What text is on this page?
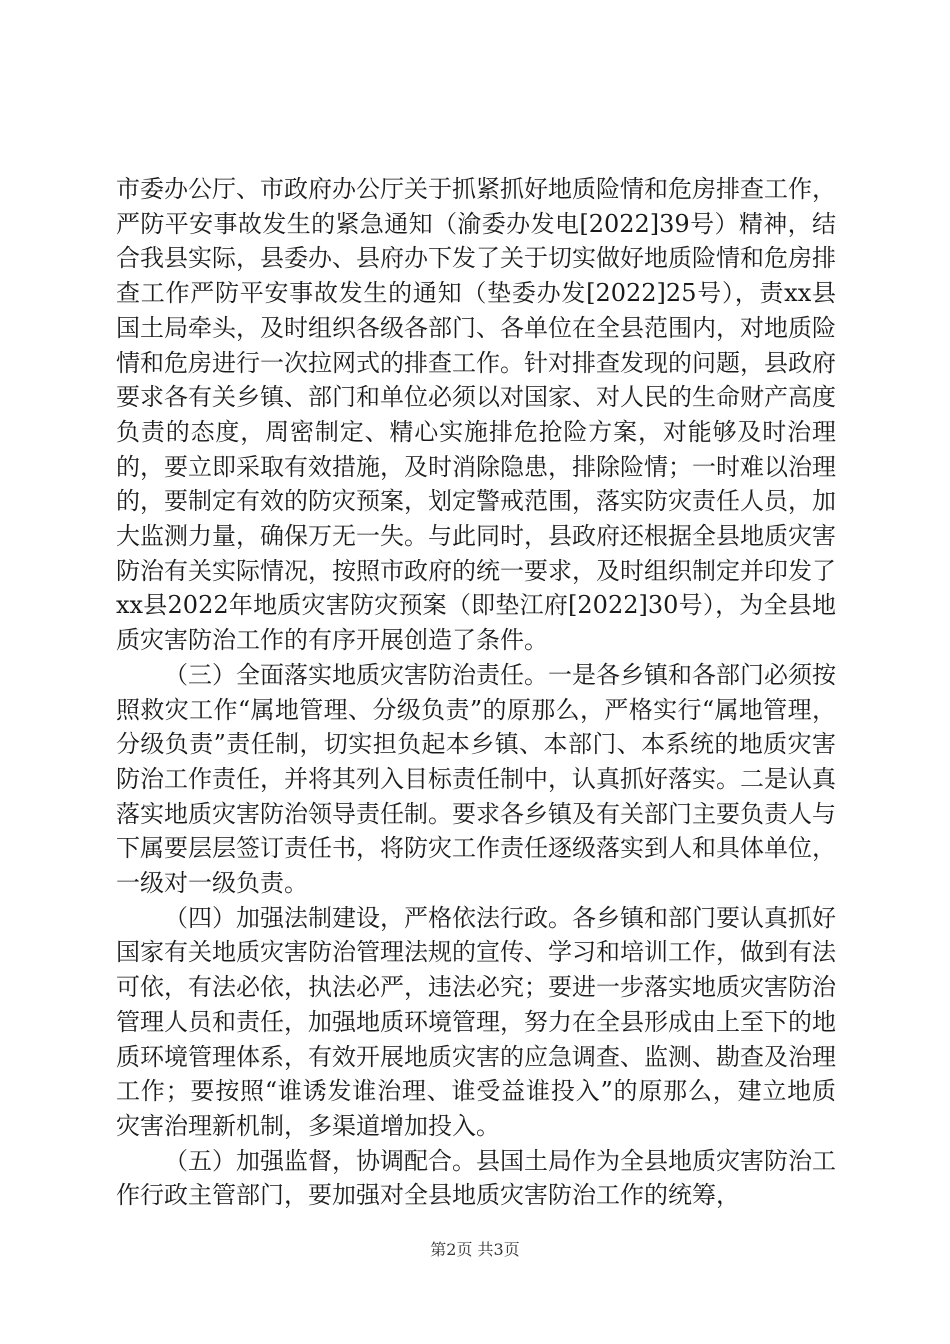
市委办公厅、市政府办公厅关于抓紧抓好地质险情和危房排查工作，严防平安事故发生的紧急通知（渝委办发电[2022]39号）精神，结合我县实际，县委办、县府办下发了关于切实做好地质险情和危房排查工作严防平安事故发生的通知（垫委办发[2022]25号），责xx县国土局牵头，及时组织各级各部门、各单位在全县范围内，对地质险情和危房进行一次拉网式的排查工作。针对排查发现的问题，县政府要求各有关乡镇、部门和单位必须以对国家、对人民的生命财产高度负责的态度，周密制定、精心实施排危抢险方案，对能够及时治理的，要立即采取有效措施，及时消除隐患，排除险情；一时难以治理的，要制定有效的防灾预案，划定警戒范围，落实防灾责任人员，加大监测力量，确保万无一失。与此同时，县政府还根据全县地质灾害防治有关实际情况，按照市政府的统一要求，及时组织制定并印发了xx县2022年地质灾害防灾预案（即垫江府[2022]30号），为全县地质灾害防治工作的有序开展创造了条件。

（三）全面落实地质灾害防治责任。一是各乡镇和各部门必须按照救灾工作“属地管理、分级负责”的原那么，严格实行“属地管理，分级负责”责任制，切实担负起本乡镇、本部门、本系统的地质灾害防治工作责任，并将其列入目标责任制中，认真抓好落实。二是认真落实地质灾害防治领导责任制。要求各乡镇及有关部门主要负责人与下属要层层签订责任书，将防灾工作责任逐级落实到人和具体单位，一级对一级负责。

（四）加强法制建设，严格依法行政。各乡镇和部门要认真抓好国家有关地质灾害防治管理法规的宣传、学习和培训工作，做到有法可依，有法必依，执法必严，违法必究；要进一步落实地质灾害防治管理人员和责任，加强地质环境管理，努力在全县形成由上至下的地质环境管理体系，有效开展地质灾害的应急调查、监测、勘查及治理工作；要按照“谁诱发谁治理、谁受益谁投入”的原那么，建立地质灾害治理新机制，多渠道增加投入。

（五）加强监督，协调配合。县国土局作为全县地质灾害防治工作行政主管部门，要加强对全县地质灾害防治工作的统筹，

第2页 共3页
